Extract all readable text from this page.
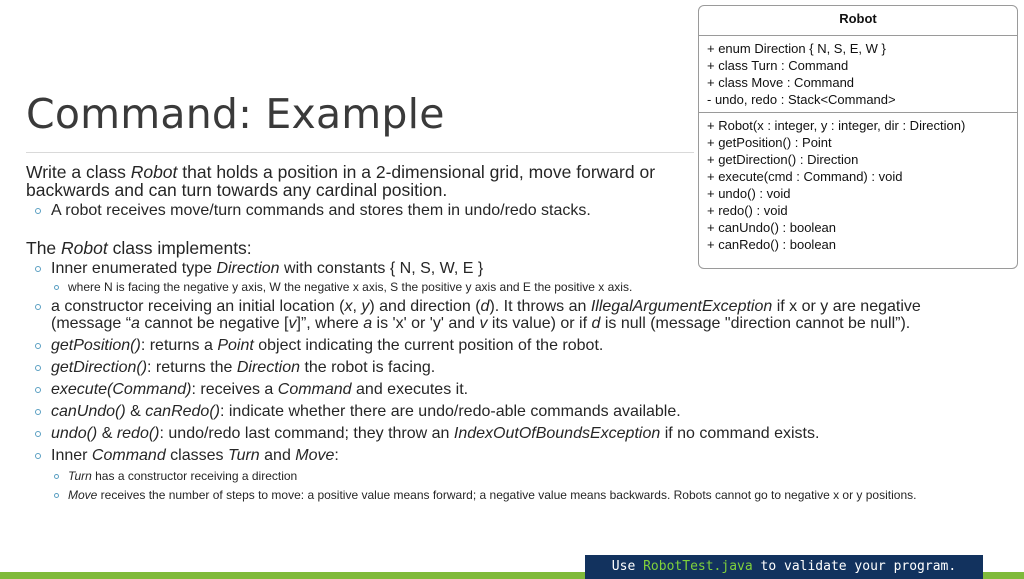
Command: Example

Write a class Robot that holds a position in a 2-dimensional grid, move forward or backwards and can turn towards any cardinal position.

A robot receives move/turn commands and stores them in undo/redo stacks.

The Robot class implements:

Inner enumerated type Direction with constants { N, S, W, E }
where N is facing the negative y axis, W the negative x axis, S the positive y axis and E the positive x axis.
a constructor receiving an initial location (x, y) and direction (d). It throws an IllegalArgumentException if x or y are negative (message “a cannot be negative [v]”, where a is 'x' or 'y' and v its value) or if d is null (message "direction cannot be null”).
getPosition(): returns a Point object indicating the current position of the robot.
getDirection(): returns the Direction the robot is facing.
execute(Command): receives a Command and executes it.
canUndo() & canRedo(): indicate whether there are undo/redo-able commands available.
undo() & redo(): undo/redo last command; they throw an IndexOutOfBoundsException if no command exists.
Inner Command classes Turn and Move:
Turn has a constructor receiving a direction
Move receives the number of steps to move: a positive value means forward; a negative value means backwards. Robots cannot go to negative x or y positions.
Robot
+ enum Direction { N, S, E, W }
+ class Turn : Command
+ class Move : Command
- undo, redo : Stack<Command>
+ Robot(x : integer, y : integer, dir : Direction)
+ getPosition() : Point
+ getDirection() : Direction
+ execute(cmd : Command) : void
+ undo() : void
+ redo() : void
+ canUndo() : boolean
+ canRedo() : boolean
Use RobotTest.java to validate your program.
